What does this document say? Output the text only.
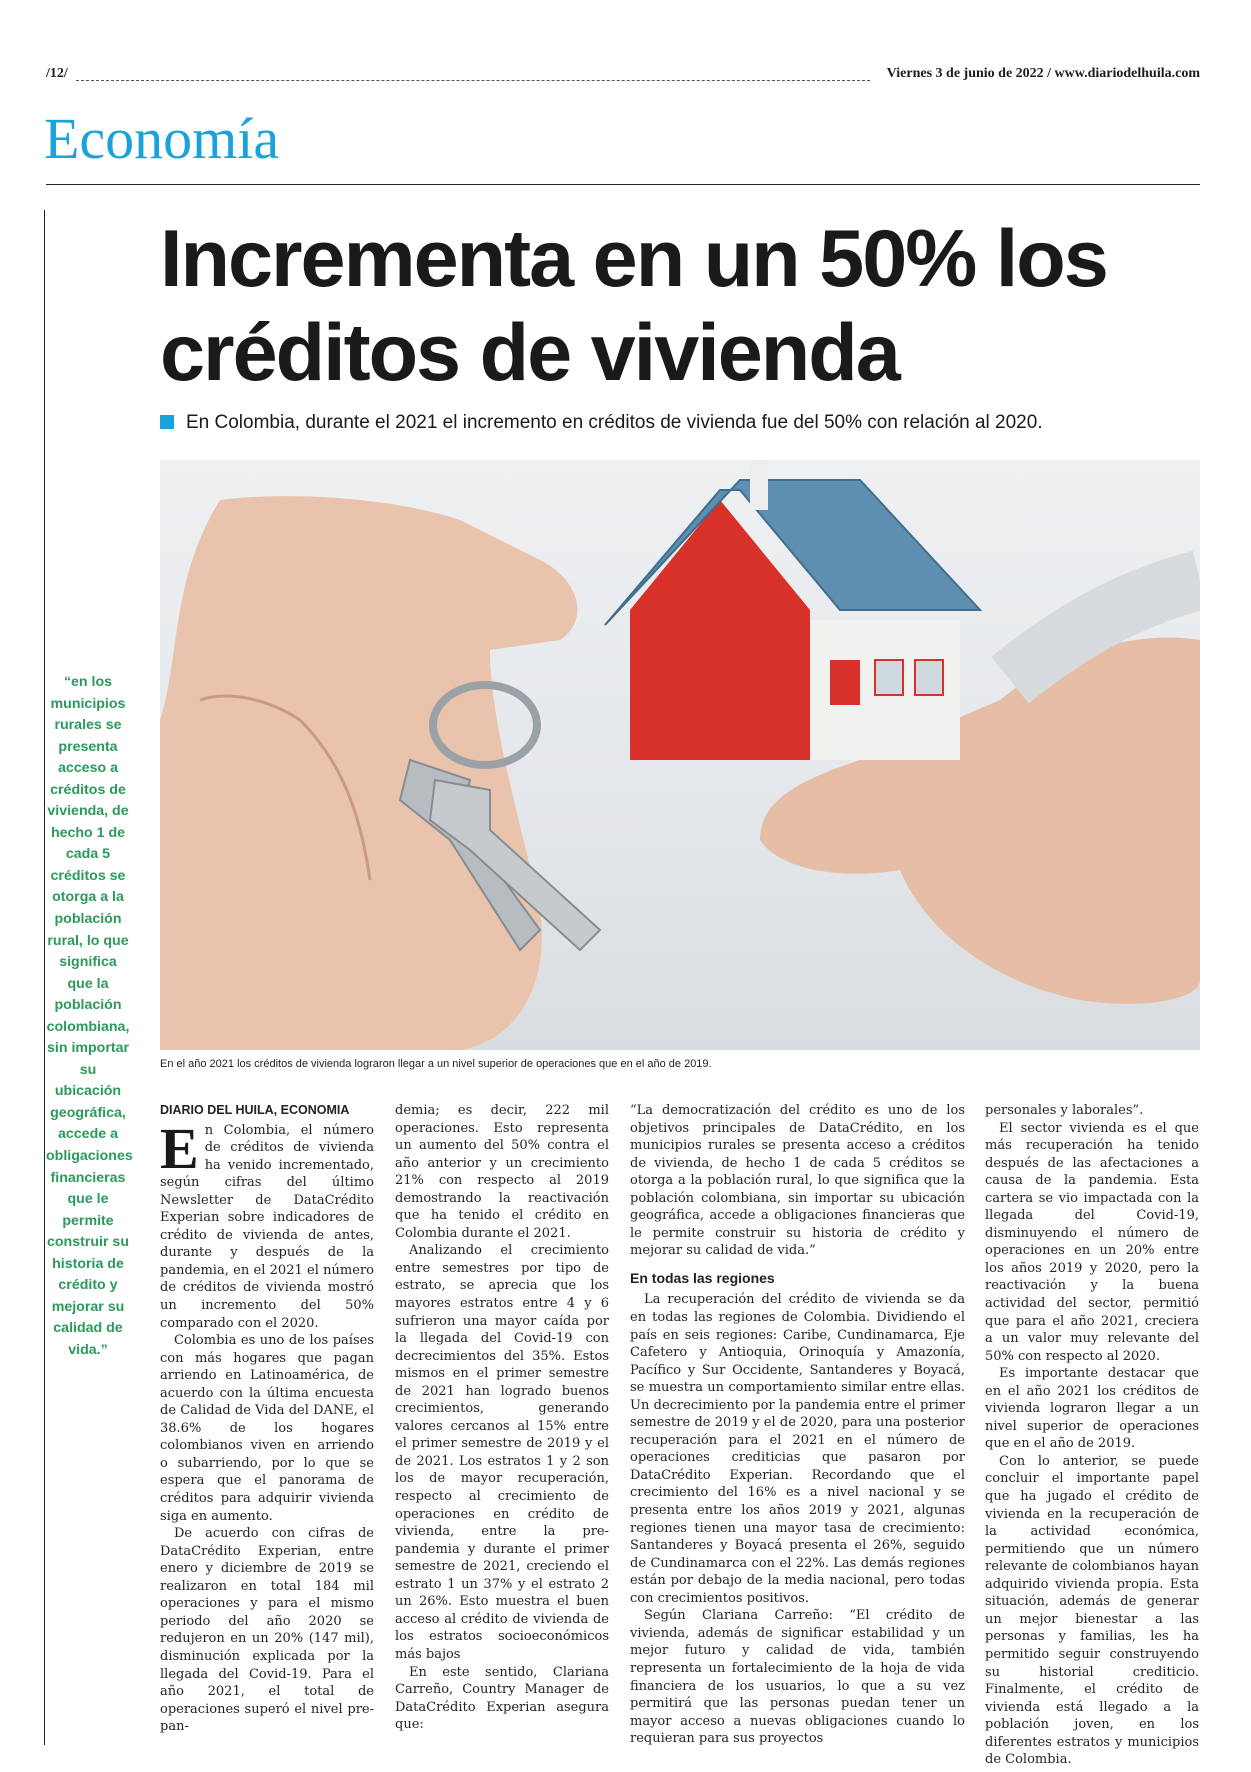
/12/	Viernes 3 de junio de 2022 / www.diariodelhuila.com
Economía
Incrementa en un 50% los créditos de vivienda
En Colombia, durante el 2021 el incremento en créditos de vivienda fue del 50% con relación al 2020.
En el año 2021 los créditos de vivienda lograron llegar a un nivel superior de operaciones que en el año de 2019.
“en los municipios rurales se presenta acceso a créditos de vivienda, de hecho 1 de cada 5 créditos se otorga a la población rural, lo que significa que la población colombiana, sin importar su ubicación geográfica, accede a obligaciones financieras que le permite construir su historia de crédito y mejorar su calidad de vida.”
DIARIO DEL HUILA, ECONOMIA

En Colombia, el número de créditos de vivienda ha venido incrementado, según cifras del último Newsletter de DataCrédito Experian sobre indicadores de crédito de vivienda de antes, durante y después de la pandemia, en el 2021 el número de créditos de vivienda mostró un incremento del 50% comparado con el 2020.

Colombia es uno de los países con más hogares que pagan arriendo en Latinoamérica, de acuerdo con la última encuesta de Calidad de Vida del DANE, el 38.6% de los hogares colombianos viven en arriendo o subarriendo, por lo que se espera que el panorama de créditos para adquirir vivienda siga en aumento.

De acuerdo con cifras de DataCrédito Experian, entre enero y diciembre de 2019 se realizaron en total 184 mil operaciones y para el mismo periodo del año 2020 se redujeron en un 20% (147 mil), disminución explicada por la llegada del Covid-19. Para el año 2021, el total de operaciones superó el nivel pre-pan-

demia; es decir, 222 mil operaciones. Esto representa un aumento del 50% contra el año anterior y un crecimiento 21% con respecto al 2019 demostrando la reactivación que ha tenido el crédito en Colombia durante el 2021.

Analizando el crecimiento entre semestres por tipo de estrato, se aprecia que los mayores estratos entre 4 y 6 sufrieron una mayor caída por la llegada del Covid-19 con decrecimientos del 35%. Estos mismos en el primer semestre de 2021 han logrado buenos crecimientos, generando valores cercanos al 15% entre el primer semestre de 2019 y el de 2021. Los estratos 1 y 2 son los de mayor recuperación, respecto al crecimiento de operaciones en crédito de vivienda, entre la pre- pandemia y durante el primer semestre de 2021, creciendo el estrato 1 un 37% y el estrato 2 un 26%. Esto muestra el buen acceso al crédito de vivienda de los estratos socioeconómicos más bajos

En este sentido, Clariana Carreño, Country Manager de DataCrédito Experian asegura que:

“La democratización del crédito es uno de los objetivos principales de DataCrédito, en los municipios rurales se presenta acceso a créditos de vivienda, de hecho 1 de cada 5 créditos se otorga a la población rural, lo que significa que la población colombiana, sin importar su ubicación geográfica, accede a obligaciones financieras que le permite construir su historia de crédito y mejorar su calidad de vida.”

En todas las regiones

La recuperación del crédito de vivienda se da en todas las regiones de Colombia. Dividiendo el país en seis regiones: Caribe, Cundinamarca, Eje Cafetero y Antioquia, Orinoquía y Amazonía, Pacífico y Sur Occidente, Santanderes y Boyacá, se muestra un comportamiento similar entre ellas. Un decrecimiento por la pandemia entre el primer semestre de 2019 y el de 2020, para una posterior recuperación para el 2021 en el número de operaciones crediticias que pasaron por DataCrédito Experian. Recordando que el crecimiento del 16% es a nivel nacional y se presenta entre los años 2019 y 2021, algunas regiones tienen una mayor tasa de crecimiento: Santanderes y Boyacá presenta el 26%, seguido de Cundinamarca con el 22%. Las demás regiones están por debajo de la media nacional, pero todas con crecimientos positivos.

Según Clariana Carreño: “El crédito de vivienda, además de significar estabilidad y un mejor futuro y calidad de vida, también representa un fortalecimiento de la hoja de vida financiera de los usuarios, lo que a su vez permitirá que las personas puedan tener un mayor acceso a nuevas obligaciones cuando lo requieran para sus proyectos

personales y laborales”.

El sector vivienda es el que más recuperación ha tenido después de las afectaciones a causa de la pandemia. Esta cartera se vio impactada con la llegada del Covid-19, disminuyendo el número de operaciones en un 20% entre los años 2019 y 2020, pero la reactivación y la buena actividad del sector, permitió que para el año 2021, creciera a un valor muy relevante del 50% con respecto al 2020.

Es importante destacar que en el año 2021 los créditos de vivienda lograron llegar a un nivel superior de operaciones que en el año de 2019.

Con lo anterior, se puede concluir el importante papel que ha jugado el crédito de vivienda en la recuperación de la actividad económica, permitiendo que un número relevante de colombianos hayan adquirido vivienda propia. Esta situación, además de generar un mejor bienestar a las personas y familias, les ha permitido seguir construyendo su historial crediticio. Finalmente, el crédito de vivienda está llegado a la población joven, en los diferentes estratos y municipios de Colombia.
